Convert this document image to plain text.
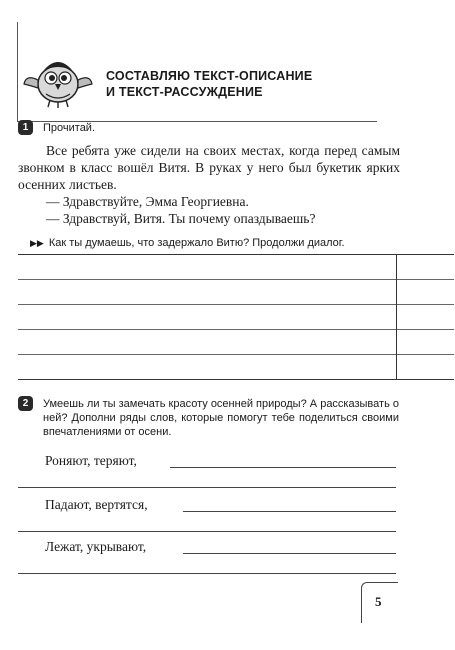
СОСТАВЛЯЮ ТЕКСТ-ОПИСАНИЕ
И ТЕКСТ-РАССУЖДЕНИЕ
1	Прочитай.

Все ребята уже сидели на своих местах, когда перед самым звонком в класс вошёл Витя. В руках у него был букетик ярких осенних листьев.

— Здравствуйте, Эмма Георгиевна.

— Здравствуй, Витя. Ты почему опаздываешь?

▶▶ Как ты думаешь, что задержало Витю? Продолжи диалог.
2	Умеешь ли ты замечать красоту осенней природы? А рассказывать о ней? Дополни ряды слов, которые помогут тебе поделиться своими впечатлениями от осени.
Роняют, теряют,
Падают, вертятся,
Лежат, укрывают,
5
